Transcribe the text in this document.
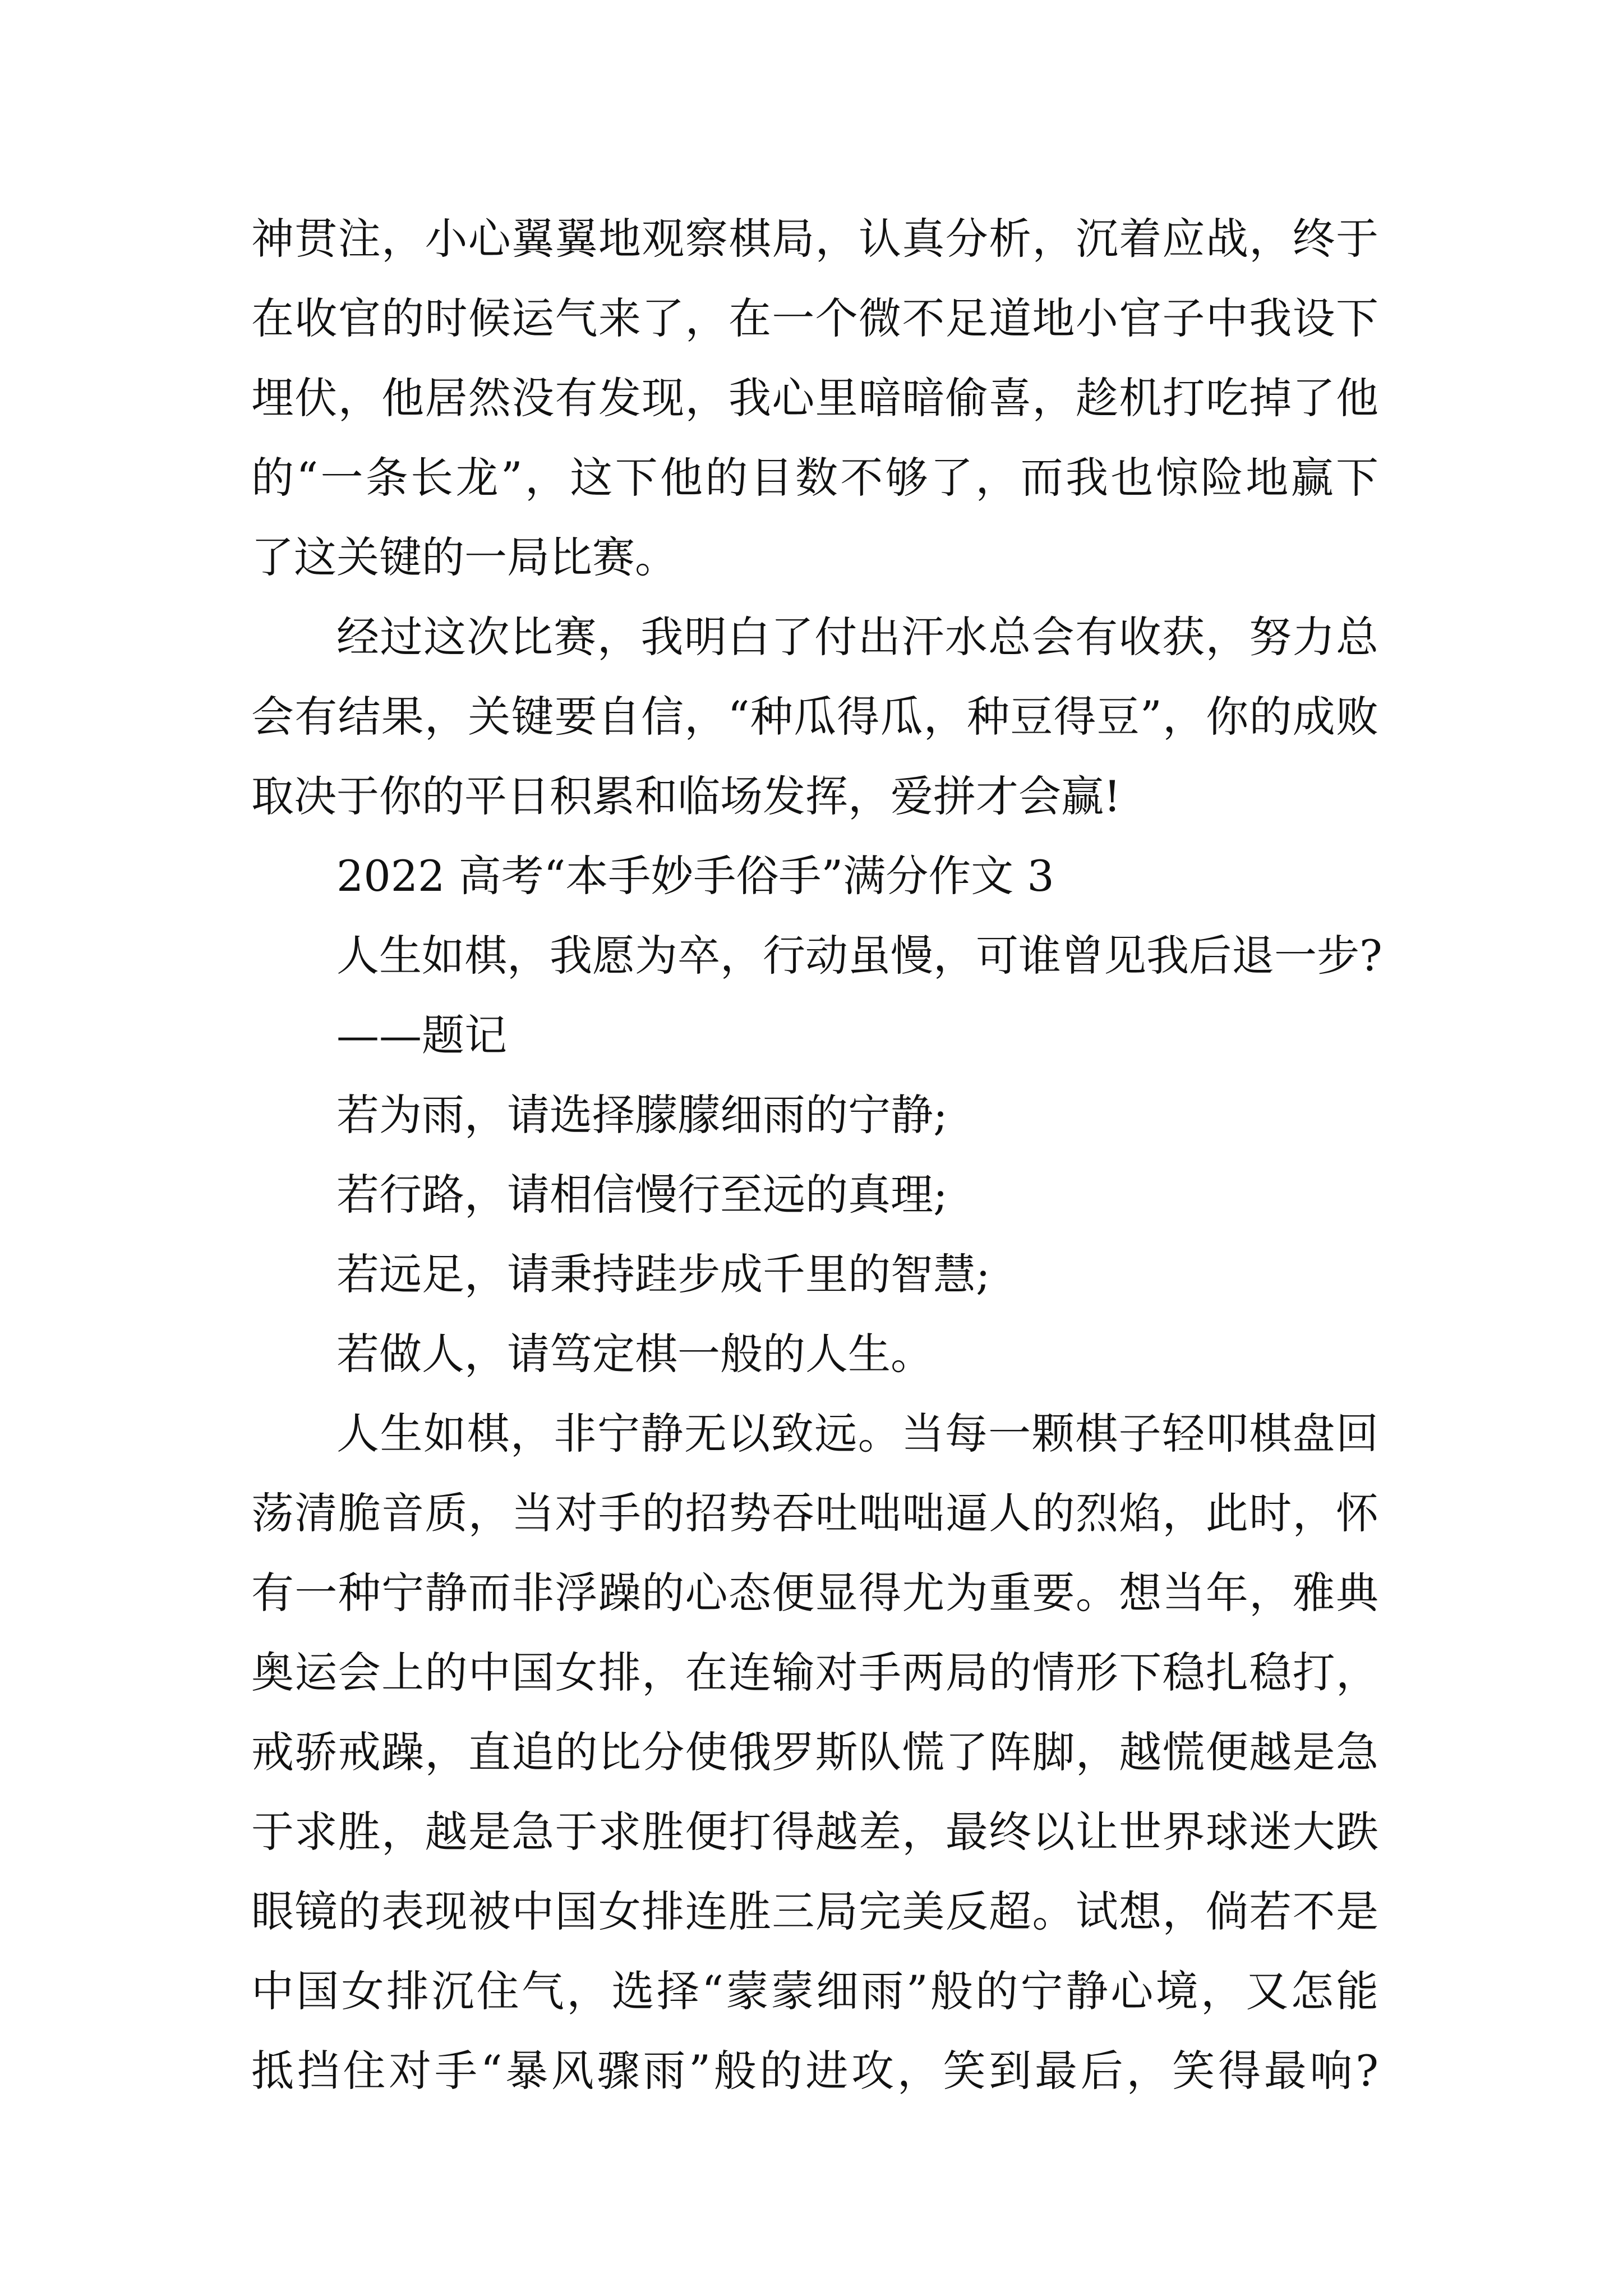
神贯注，小心翼翼地观察棋局，认真分析，沉着应战，终于
在收官的时候运气来了，在一个微不足道地小官子中我设下
埋伏，他居然没有发现，我心里暗暗偷喜，趁机打吃掉了他
的“一条长龙”，这下他的目数不够了，而我也惊险地赢下
了这关键的一局比赛。
经过这次比赛，我明白了付出汗水总会有收获，努力总
会有结果，关键要自信，“种瓜得瓜，种豆得豆”，你的成败
取决于你的平日积累和临场发挥，爱拼才会赢!
2022 高考“本手妙手俗手”满分作文 3
人生如棋，我愿为卒，行动虽慢，可谁曾见我后退一步?
——题记
若为雨，请选择朦朦细雨的宁静;
若行路，请相信慢行至远的真理;
若远足，请秉持跬步成千里的智慧;
若做人，请笃定棋一般的人生。
人生如棋，非宁静无以致远。当每一颗棋子轻叩棋盘回
荡清脆音质，当对手的招势吞吐咄咄逼人的烈焰，此时，怀
有一种宁静而非浮躁的心态便显得尤为重要。想当年，雅典
奥运会上的中国女排，在连输对手两局的情形下稳扎稳打，
戒骄戒躁，直追的比分使俄罗斯队慌了阵脚，越慌便越是急
于求胜，越是急于求胜便打得越差，最终以让世界球迷大跌
眼镜的表现被中国女排连胜三局完美反超。试想，倘若不是
中国女排沉住气，选择“蒙蒙细雨”般的宁静心境，又怎能
抵挡住对手“暴风骤雨”般的进攻，笑到最后，笑得最响?
